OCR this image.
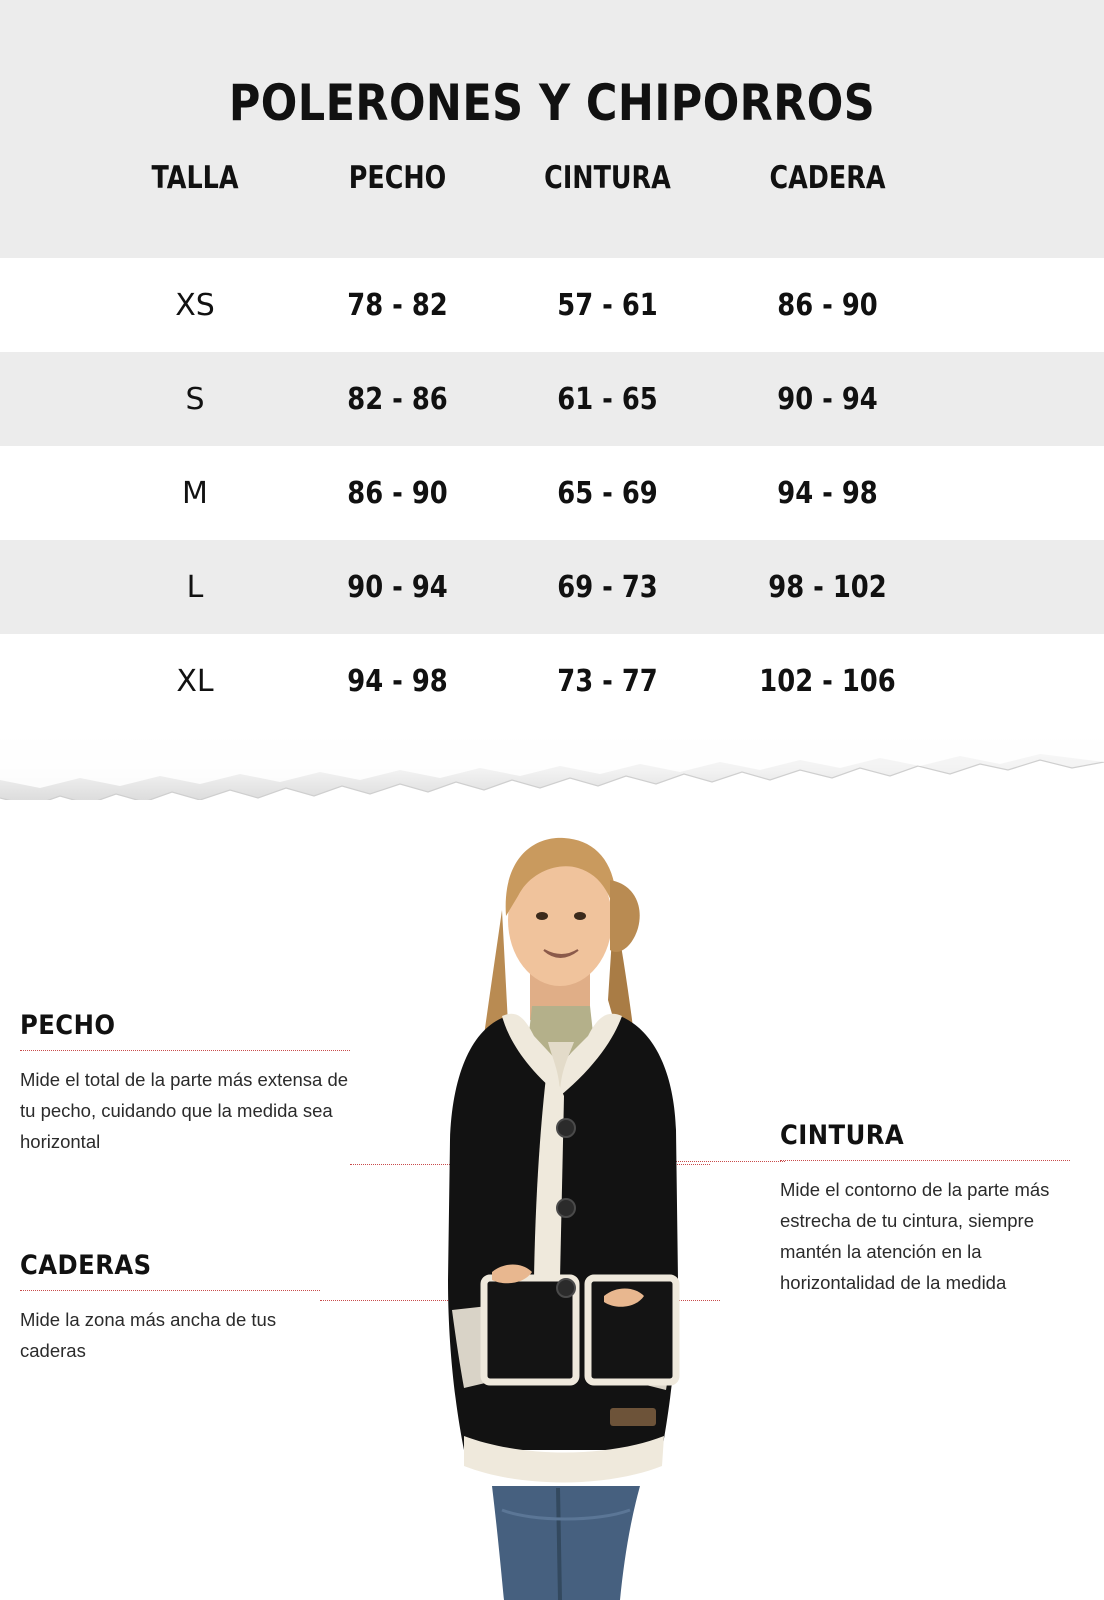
POLERONES Y CHIPORROS
TALLA	PECHO	CINTURA	CADERA
XS	78 - 82	57 - 61	86 - 90
S	82 - 86	61 - 65	90 - 94
M	86 - 90	65 - 69	94 - 98
L	90 - 94	69 - 73	98 - 102
XL	94 - 98	73 - 77	102 - 106
PECHO

Mide el total de la parte más extensa de tu pecho, cuidando que la medida sea horizontal

CADERAS

Mide la zona más ancha de tus caderas

CINTURA

Mide el contorno de la parte más estrecha de tu cintura, siempre mantén la atención en la horizontalidad de la medida
